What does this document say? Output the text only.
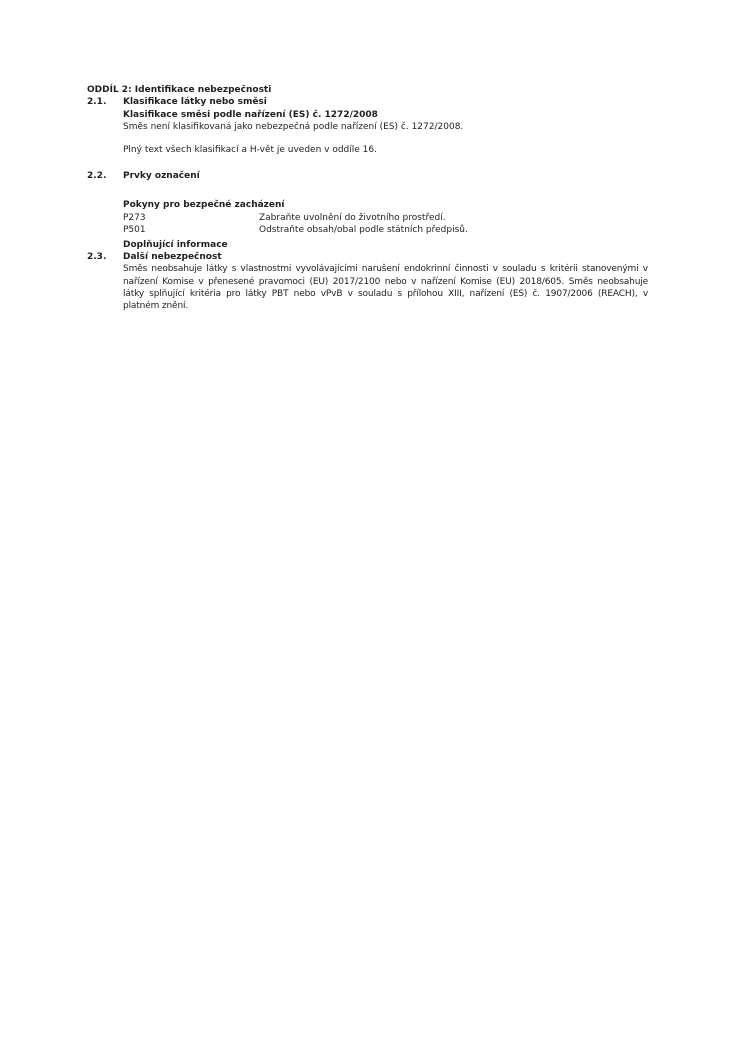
ODDÍL 2: Identifikace nebezpečnosti
2.1.	Klasifikace látky nebo směsi
Klasifikace směsi podle nařízení (ES) č. 1272/2008
Směs není klasifikovaná jako nebezpečná podle nařízení (ES) č. 1272/2008.
Plný text všech klasifikací a H-vět je uveden v oddíle 16.
2.2.	Prvky označení
Pokyny pro bezpečné zacházení
P273	Zabraňte uvolnění do životního prostředí.
P501	Odstraňte obsah/obal podle státních předpisů.
Doplňující informace
2.3.	Další nebezpečnost
Směs neobsahuje látky s vlastnostmi vyvolávajícími narušení endokrinní činnosti v souladu s kritérii stanovenými v
nařízení Komise v přenesené pravomoci (EU) 2017/2100 nebo v nařízení Komise (EU) 2018/605. Směs neobsahuje
látky splňující kritéria pro látky PBT nebo vPvB v souladu s přílohou XIII, nařízení (ES) č. 1907/2006 (REACH), v
platném znění.
